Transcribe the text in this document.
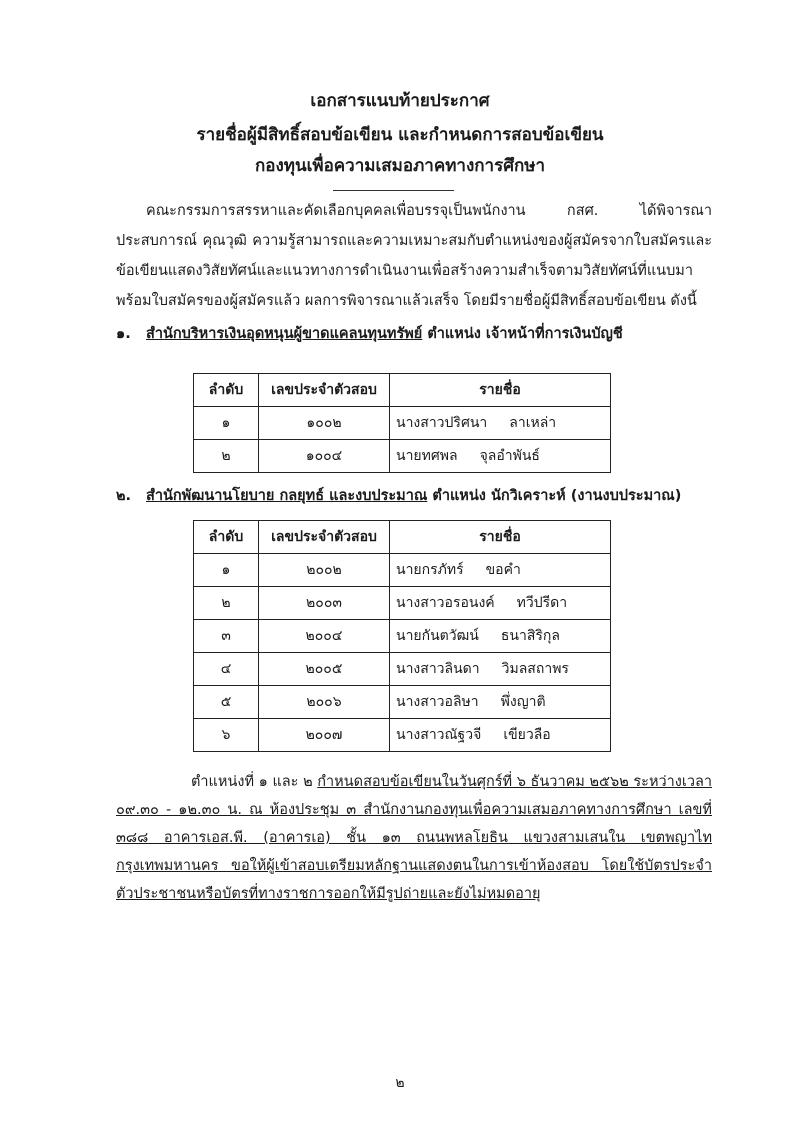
เอกสารแนบท้ายประกาศ

รายชื่อผู้มีสิทธิ์สอบข้อเขียน และกำหนดการสอบข้อเขียน

กองทุนเพื่อความเสมอภาคทางการศึกษา

คณะกรรมการสรรหาและคัดเลือกบุคคลเพื่อบรรจุเป็นพนักงาน กสศ. ได้พิจารณาประสบการณ์ คุณวุฒิ ความรู้สามารถและความเหมาะสมกับตำแหน่งของผู้สมัครจากใบสมัครและข้อเขียนแสดงวิสัยทัศน์และแนวทางการดำเนินงานเพื่อสร้างความสำเร็จตามวิสัยทัศน์ที่แนบมาพร้อมใบสมัครของผู้สมัครแล้ว ผลการพิจารณาแล้วเสร็จ โดยมีรายชื่อผู้มีสิทธิ์สอบข้อเขียน ดังนี้

๑. สำนักบริหารเงินอุดหนุนผู้ขาดแคลนทุนทรัพย์ ตำแหน่ง เจ้าหน้าที่การเงินบัญชี

ลำดับ	เลขประจำตัวสอบ	รายชื่อ
๑	๑๐๐๒	นางสาวปริศนา ลาเหล่า
๒	๑๐๐๔	นายทศพล จุลอำพันธ์

๒. สำนักพัฒนานโยบาย กลยุทธ์ และงบประมาณ ตำแหน่ง นักวิเคราะห์ (งานงบประมาณ)

ลำดับ	เลขประจำตัวสอบ	รายชื่อ
๑	๒๐๐๒	นายกรภัทร์ ขอคำ
๒	๒๐๐๓	นางสาวอรอนงค์ ทวีปรีดา
๓	๒๐๐๔	นายกันตวัฒน์ ธนาสิริกุล
๔	๒๐๐๕	นางสาวลินดา วิมลสถาพร
๕	๒๐๐๖	นางสาวอลิษา พึ่งญาติ
๖	๒๐๐๗	นางสาวณัฐวจี เขียวลือ

ตำแหน่งที่ ๑ และ ๒ กำหนดสอบข้อเขียนในวันศุกร์ที่ ๖ ธันวาคม ๒๕๖๒ ระหว่างเวลา ๐๙.๓๐ - ๑๒.๓๐ น. ณ ห้องประชุม ๓ สำนักงานกองทุนเพื่อความเสมอภาคทางการศึกษา เลขที่ ๓๘๘ อาคารเอส.พี. (อาคารเอ) ชั้น ๑๓ ถนนพหลโยธิน แขวงสามเสนใน เขตพญาไท กรุงเทพมหานคร ขอให้ผู้เข้าสอบเตรียมหลักฐานแสดงตนในการเข้าห้องสอบ โดยใช้บัตรประจำตัวประชาชนหรือบัตรที่ทางราชการออกให้มีรูปถ่ายและยังไม่หมดอายุ

๒
